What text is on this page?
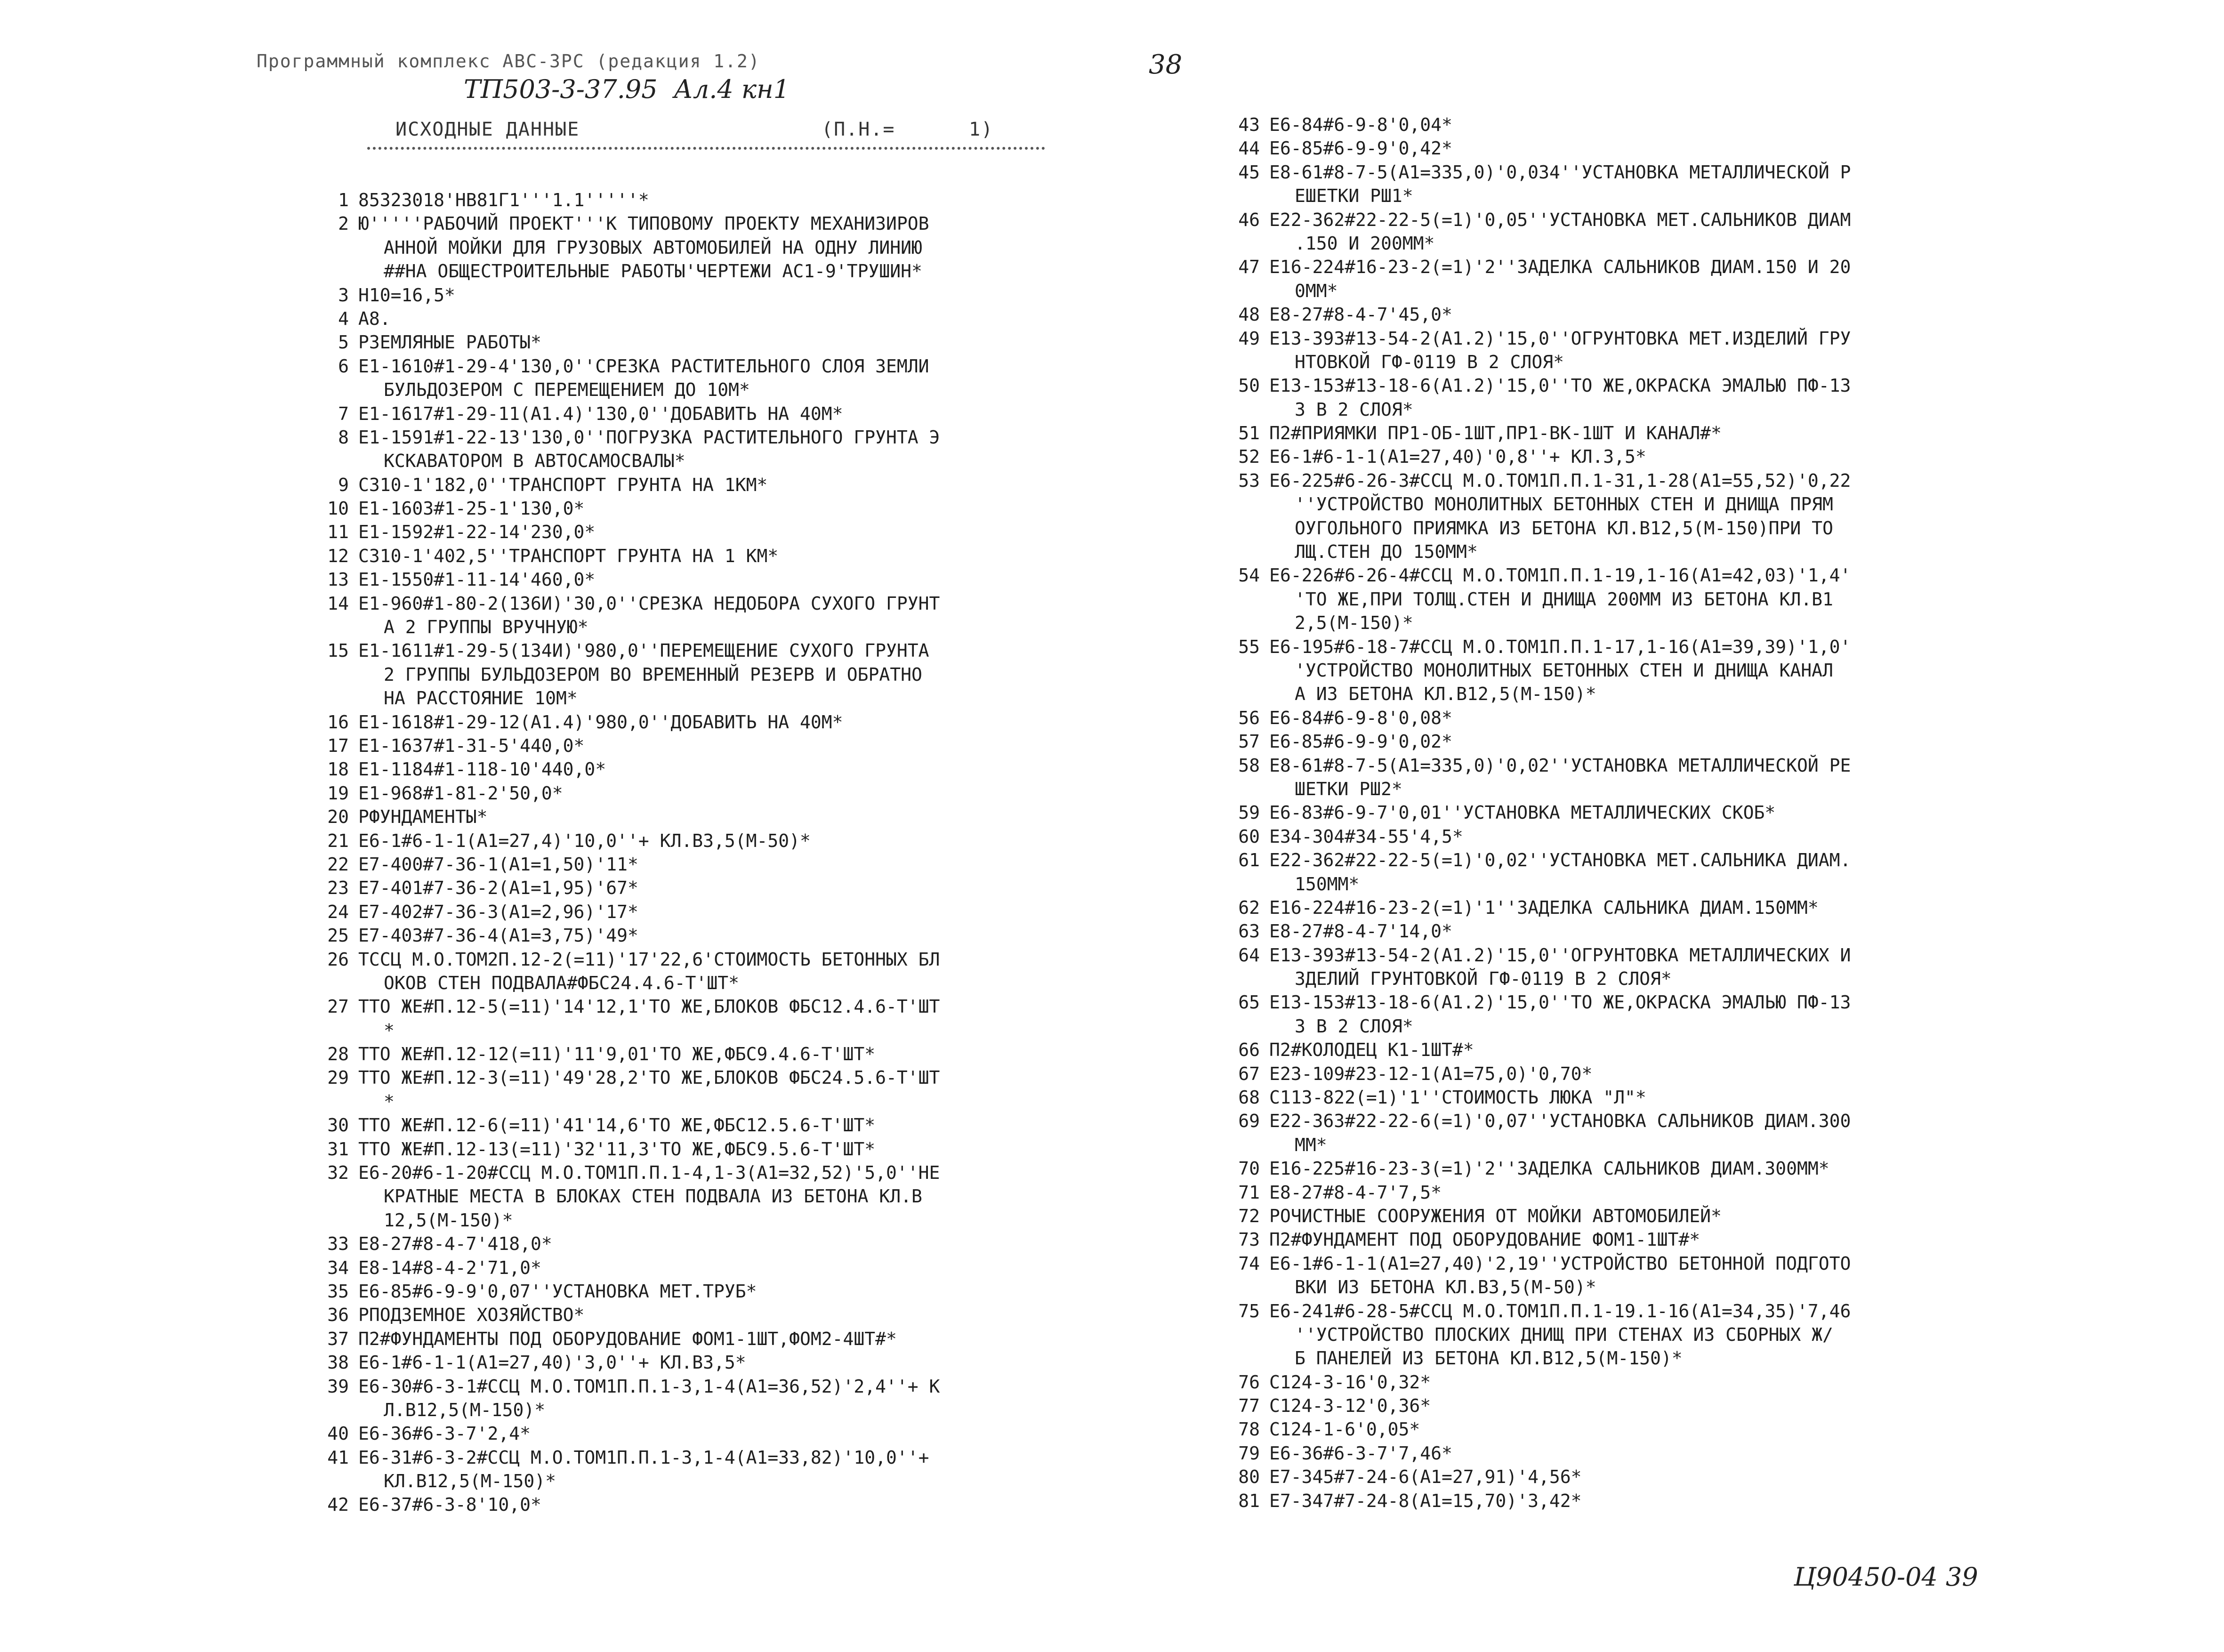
Программный комплекс АВС-3РС (редакция 1.2)
ТП503-3-37.95  Ал.4 кн1
38
ИСХОДНЫЕ ДАННЫЕ	(П.Н.=      1)
1 85323018'НВ81Г1'''1.1'''''*
2 Ю'''''РАБОЧИЙ ПРОЕКТ'''К ТИПОВОМУ ПРОЕКТУ МЕХАНИЗИРОВ
АННОЙ МОЙКИ ДЛЯ ГРУЗОВЫХ АВТОМОБИЛЕЙ НА ОДНУ ЛИНИЮ
##НА ОБЩЕСТРОИТЕЛЬНЫЕ РАБОТЫ'ЧЕРТЕЖИ АС1-9'ТРУШИН*
3 Н10=16,5*
4 А8.
5 РЗЕМЛЯНЫЕ РАБОТЫ*
6 Е1-1610#1-29-4'130,0''СРЕЗКА РАСТИТЕЛЬНОГО СЛОЯ ЗЕМЛИ
БУЛЬДОЗЕРОМ С ПЕРЕМЕЩЕНИЕМ ДО 10М*
7 Е1-1617#1-29-11(А1.4)'130,0''ДОБАВИТЬ НА 40М*
8 Е1-1591#1-22-13'130,0''ПОГРУЗКА РАСТИТЕЛЬНОГО ГРУНТА Э
КСКАВАТОРОМ В АВТОСАМОСВАЛЫ*
9 С310-1'182,0''ТРАНСПОРТ ГРУНТА НА 1КМ*
10 Е1-1603#1-25-1'130,0*
11 Е1-1592#1-22-14'230,0*
12 С310-1'402,5''ТРАНСПОРТ ГРУНТА НА 1 КМ*
13 Е1-1550#1-11-14'460,0*
14 Е1-960#1-80-2(136И)'30,0''СРЕЗКА НЕДОБОРА СУХОГО ГРУНТ
А 2 ГРУППЫ ВРУЧНУЮ*
15 Е1-1611#1-29-5(134И)'980,0''ПЕРЕМЕЩЕНИЕ СУХОГО ГРУНТА
2 ГРУППЫ БУЛЬДОЗЕРОМ ВО ВРЕМЕННЫЙ РЕЗЕРВ И ОБРАТНО
НА РАССТОЯНИЕ 10М*
16 Е1-1618#1-29-12(А1.4)'980,0''ДОБАВИТЬ НА 40М*
17 Е1-1637#1-31-5'440,0*
18 Е1-1184#1-118-10'440,0*
19 Е1-968#1-81-2'50,0*
20 РФУНДАМЕНТЫ*
21 Е6-1#6-1-1(А1=27,4)'10,0''+ КЛ.В3,5(М-50)*
22 Е7-400#7-36-1(А1=1,50)'11*
23 Е7-401#7-36-2(А1=1,95)'67*
24 Е7-402#7-36-3(А1=2,96)'17*
25 Е7-403#7-36-4(А1=3,75)'49*
26 ТССЦ М.О.ТОМ2П.12-2(=11)'17'22,6'СТОИМОСТЬ БЕТОННЫХ БЛ
ОКОВ СТЕН ПОДВАЛА#ФБС24.4.6-Т'ШТ*
27 ТТО ЖЕ#П.12-5(=11)'14'12,1'ТО ЖЕ,БЛОКОВ ФБС12.4.6-Т'ШТ
*
28 ТТО ЖЕ#П.12-12(=11)'11'9,01'ТО ЖЕ,ФБС9.4.6-Т'ШТ*
29 ТТО ЖЕ#П.12-3(=11)'49'28,2'ТО ЖЕ,БЛОКОВ ФБС24.5.6-Т'ШТ
*
30 ТТО ЖЕ#П.12-6(=11)'41'14,6'ТО ЖЕ,ФБС12.5.6-Т'ШТ*
31 ТТО ЖЕ#П.12-13(=11)'32'11,3'ТО ЖЕ,ФБС9.5.6-Т'ШТ*
32 Е6-20#6-1-20#ССЦ М.О.ТОМ1П.П.1-4,1-3(А1=32,52)'5,0''НЕ
КРАТНЫЕ МЕСТА В БЛОКАХ СТЕН ПОДВАЛА ИЗ БЕТОНА КЛ.В
12,5(М-150)*
33 Е8-27#8-4-7'418,0*
34 Е8-14#8-4-2'71,0*
35 Е6-85#6-9-9'0,07''УСТАНОВКА МЕТ.ТРУБ*
36 РПОДЗЕМНОЕ ХОЗЯЙСТВО*
37 П2#ФУНДАМЕНТЫ ПОД ОБОРУДОВАНИЕ ФОМ1-1ШТ,ФОМ2-4ШТ#*
38 Е6-1#6-1-1(А1=27,40)'3,0''+ КЛ.В3,5*
39 Е6-30#6-3-1#ССЦ М.О.ТОМ1П.П.1-3,1-4(А1=36,52)'2,4''+ К
Л.В12,5(М-150)*
40 Е6-36#6-3-7'2,4*
41 Е6-31#6-3-2#ССЦ М.О.ТОМ1П.П.1-3,1-4(А1=33,82)'10,0''+
КЛ.В12,5(М-150)*
42 Е6-37#6-3-8'10,0*
43 Е6-84#6-9-8'0,04*
44 Е6-85#6-9-9'0,42*
45 Е8-61#8-7-5(А1=335,0)'0,034''УСТАНОВКА МЕТАЛЛИЧЕСКОЙ Р
ЕШЕТКИ РШ1*
46 Е22-362#22-22-5(=1)'0,05''УСТАНОВКА МЕТ.САЛЬНИКОВ ДИАМ
.150 И 200ММ*
47 Е16-224#16-23-2(=1)'2''ЗАДЕЛКА САЛЬНИКОВ ДИАМ.150 И 20
0ММ*
48 Е8-27#8-4-7'45,0*
49 Е13-393#13-54-2(А1.2)'15,0''ОГРУНТОВКА МЕТ.ИЗДЕЛИЙ ГРУ
НТОВКОЙ ГФ-0119 В 2 СЛОЯ*
50 Е13-153#13-18-6(А1.2)'15,0''ТО ЖЕ,ОКРАСКА ЭМАЛЬЮ ПФ-13
3 В 2 СЛОЯ*
51 П2#ПРИЯМКИ ПР1-ОБ-1ШТ,ПР1-ВК-1ШТ И КАНАЛ#*
52 Е6-1#6-1-1(А1=27,40)'0,8''+ КЛ.3,5*
53 Е6-225#6-26-3#ССЦ М.О.ТОМ1П.П.1-31,1-28(А1=55,52)'0,22
''УСТРОЙСТВО МОНОЛИТНЫХ БЕТОННЫХ СТЕН И ДНИЩА ПРЯМ
ОУГОЛЬНОГО ПРИЯМКА ИЗ БЕТОНА КЛ.В12,5(М-150)ПРИ ТО
ЛЩ.СТЕН ДО 150ММ*
54 Е6-226#6-26-4#ССЦ М.О.ТОМ1П.П.1-19,1-16(А1=42,03)'1,4'
'ТО ЖЕ,ПРИ ТОЛЩ.СТЕН И ДНИЩА 200ММ ИЗ БЕТОНА КЛ.В1
2,5(М-150)*
55 Е6-195#6-18-7#ССЦ М.О.ТОМ1П.П.1-17,1-16(А1=39,39)'1,0'
'УСТРОЙСТВО МОНОЛИТНЫХ БЕТОННЫХ СТЕН И ДНИЩА КАНАЛ
А ИЗ БЕТОНА КЛ.В12,5(М-150)*
56 Е6-84#6-9-8'0,08*
57 Е6-85#6-9-9'0,02*
58 Е8-61#8-7-5(А1=335,0)'0,02''УСТАНОВКА МЕТАЛЛИЧЕСКОЙ РЕ
ШЕТКИ РШ2*
59 Е6-83#6-9-7'0,01''УСТАНОВКА МЕТАЛЛИЧЕСКИХ СКОБ*
60 Е34-304#34-55'4,5*
61 Е22-362#22-22-5(=1)'0,02''УСТАНОВКА МЕТ.САЛЬНИКА ДИАМ.
150ММ*
62 Е16-224#16-23-2(=1)'1''ЗАДЕЛКА САЛЬНИКА ДИАМ.150ММ*
63 Е8-27#8-4-7'14,0*
64 Е13-393#13-54-2(А1.2)'15,0''ОГРУНТОВКА МЕТАЛЛИЧЕСКИХ И
ЗДЕЛИЙ ГРУНТОВКОЙ ГФ-0119 В 2 СЛОЯ*
65 Е13-153#13-18-6(А1.2)'15,0''ТО ЖЕ,ОКРАСКА ЭМАЛЬЮ ПФ-13
3 В 2 СЛОЯ*
66 П2#КОЛОДЕЦ К1-1ШТ#*
67 Е23-109#23-12-1(А1=75,0)'0,70*
68 С113-822(=1)'1''СТОИМОСТЬ ЛЮКА "Л"*
69 Е22-363#22-22-6(=1)'0,07''УСТАНОВКА САЛЬНИКОВ ДИАМ.300
ММ*
70 Е16-225#16-23-3(=1)'2''ЗАДЕЛКА САЛЬНИКОВ ДИАМ.300ММ*
71 Е8-27#8-4-7'7,5*
72 РОЧИСТНЫЕ СООРУЖЕНИЯ ОТ МОЙКИ АВТОМОБИЛЕЙ*
73 П2#ФУНДАМЕНТ ПОД ОБОРУДОВАНИЕ ФОМ1-1ШТ#*
74 Е6-1#6-1-1(А1=27,40)'2,19''УСТРОЙСТВО БЕТОННОЙ ПОДГОТО
ВКИ ИЗ БЕТОНА КЛ.В3,5(М-50)*
75 Е6-241#6-28-5#ССЦ М.О.ТОМ1П.П.1-19.1-16(А1=34,35)'7,46
''УСТРОЙСТВО ПЛОСКИХ ДНИЩ ПРИ СТЕНАХ ИЗ СБОРНЫХ Ж/
Б ПАНЕЛЕЙ ИЗ БЕТОНА КЛ.В12,5(М-150)*
76 С124-3-16'0,32*
77 С124-3-12'0,36*
78 С124-1-6'0,05*
79 Е6-36#6-3-7'7,46*
80 Е7-345#7-24-6(А1=27,91)'4,56*
81 Е7-347#7-24-8(А1=15,70)'3,42*
Ц90450-04 39
